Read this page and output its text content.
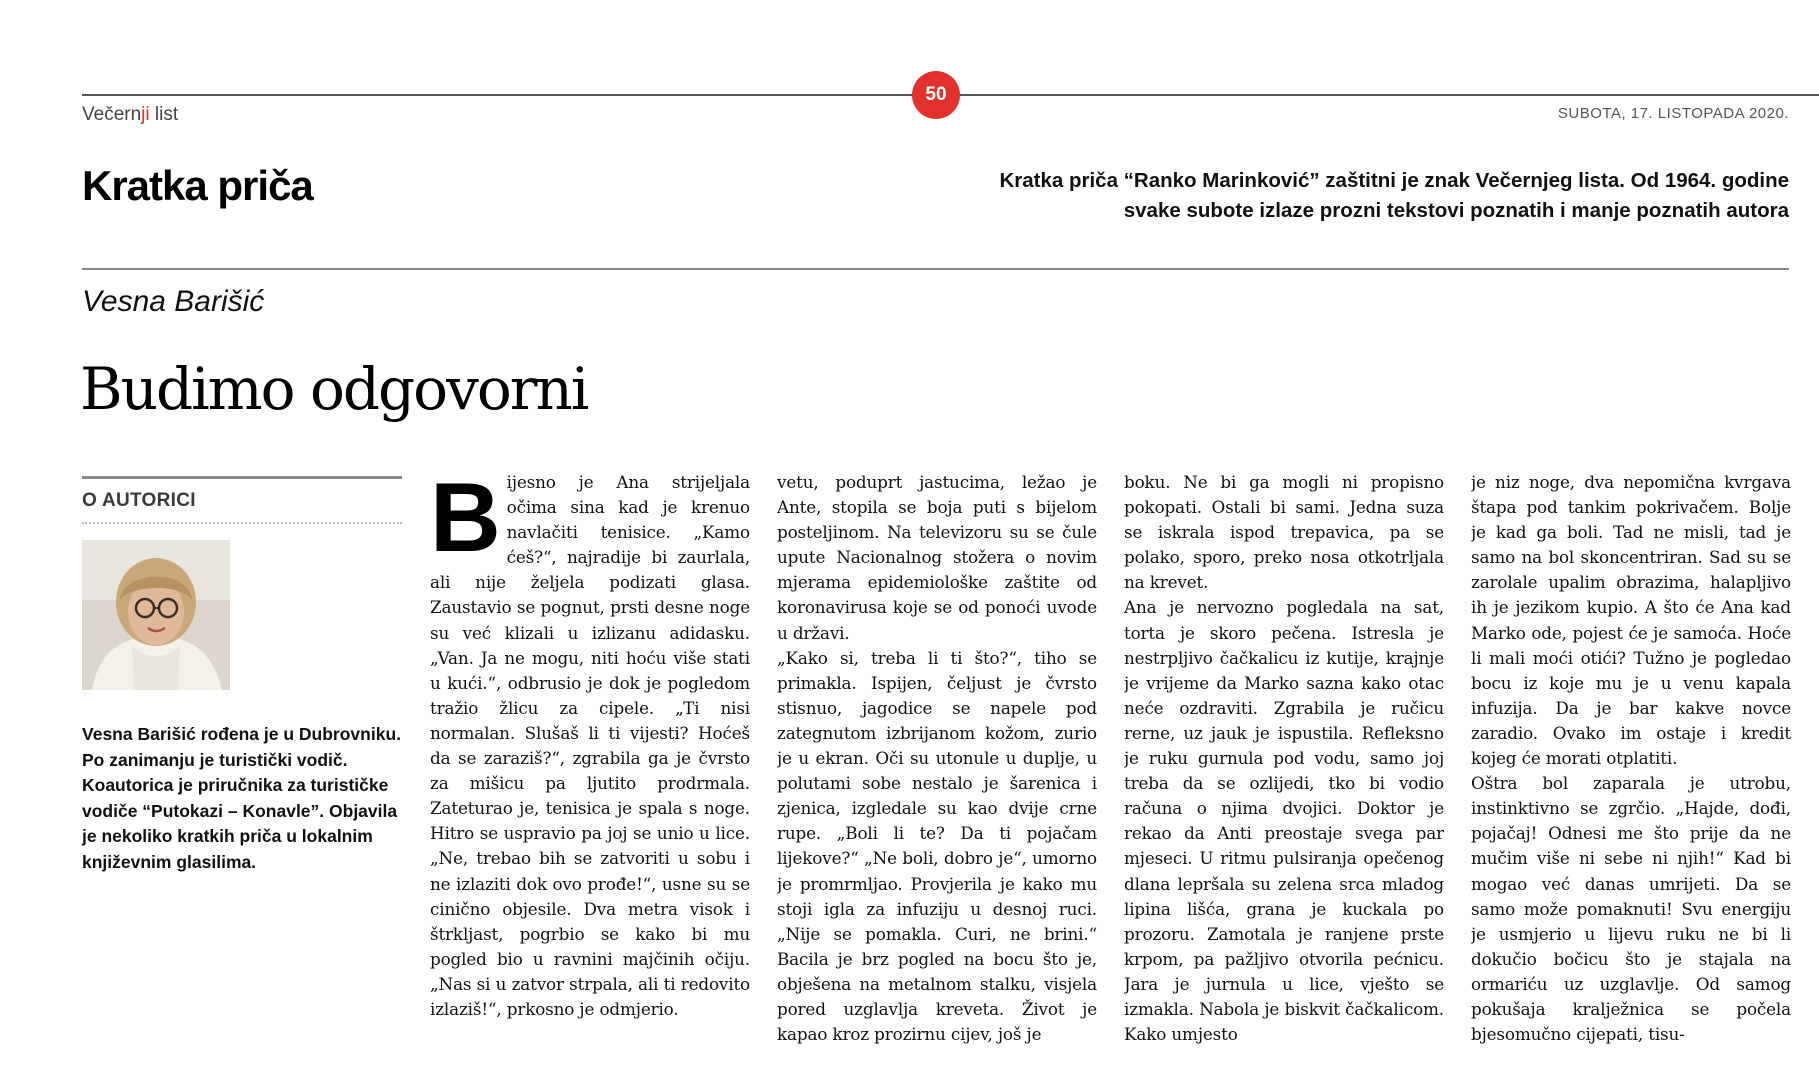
50
Večernji list	SUBOTA, 17. LISTOPADA 2020.
Kratka priča	Kratka priča “Ranko Marinković” zaštitni je znak Večernjeg lista. Od 1964. godine svake subote izlaze prozni tekstovi poznatih i manje poznatih autora
Vesna Barišić
Budimo odgovorni
O AUTORICI
Vesna Barišić rođena je u Dubrovniku. Po zanimanju je turistički vodič. Koautorica je priručnika za turističke vodiče “Putokazi – Konavle”. Objavila je nekoliko kratkih priča u lokalnim književnim glasilima.
B ijesno je Ana strijeljala očima sina kad je krenuo navlačiti tenisice. „Kamo ćeš?“, najradije bi zaurlala, ali nije željela podizati glasa. Zaustavio se pognut, prsti desne noge su već klizali u izlizanu adidasku. „Van. Ja ne mogu, niti hoću više stati u kući.“, odbrusio je dok je pogledom tražio žlicu za cipele. „Ti nisi normalan. Slušaš li ti vijesti? Hoćeš da se zaraziš?“, zgrabila ga je čvrsto za mišicu pa ljutito prodrmala. Zateturao je, tenisica je spala s noge. Hitro se uspravio pa joj se unio u lice. „Ne, trebao bih se zatvoriti u sobu i ne izlaziti dok ovo prođe!“, usne su se cinično objesile. Dva metra visok i štrkljast, pogrbio se kako bi mu pogled bio u ravnini majčinih očiju. „Nas si u zatvor strpala, ali ti redovito izlaziš!“, prkosno je odmjerio.

vetu, poduprt jastucima, ležao je Ante, stopila se boja puti s bijelom posteljinom. Na televizoru su se čule upute Nacionalnog stožera o novim mjerama epidemiološke zaštite od koronavirusa koje se od ponoći uvode u državi.

„Kako si, treba li ti što?“, tiho se primakla. Ispijen, čeljust je čvrsto stisnuo, jagodice se napele pod zategnutom izbrijanom kožom, zurio je u ekran. Oči su utonule u duplje, u polutami sobe nestalo je šarenica i zjenica, izgledale su kao dvije crne rupe. „Boli li te? Da ti pojačam lijekove?“ „Ne boli, dobro je“, umorno je promrmljao. Provjerila je kako mu stoji igla za infuziju u desnoj ruci. „Nije se pomakla. Curi, ne brini.“ Bacila je brz pogled na bocu što je, obješena na metalnom stalku, visjela pored uzglavlja kreveta. Život je kapao kroz prozirnu cijev, još je

boku. Ne bi ga mogli ni propisno pokopati. Ostali bi sami. Jedna suza se iskrala ispod trepavica, pa se polako, sporo, preko nosa otkotrljala na krevet.

Ana je nervozno pogledala na sat, torta je skoro pečena. Istresla je nestrpljivo čačkalicu iz kutije, krajnje je vrijeme da Marko sazna kako otac neće ozdraviti. Zgrabila je ručicu rerne, uz jauk je ispustila. Refleksno je ruku gurnula pod vodu, samo joj treba da se ozlijedi, tko bi vodio računa o njima dvojici. Doktor je rekao da Anti preostaje svega par mjeseci. U ritmu pulsiranja opečenog dlana lepršala su zelena srca mladog lipina lišća, grana je kuckala po prozoru. Zamotala je ranjene prste krpom, pa pažljivo otvorila pećnicu. Jara je jurnula u lice, vješto se izmakla. Nabola je biskvit čačkalicom. Kako umjesto

je niz noge, dva nepomična kvrgava štapa pod tankim pokrivačem. Bolje je kad ga boli. Tad ne misli, tad je samo na bol skoncentriran. Sad su se zarolale upalim obrazima, halapljivo ih je jezikom kupio. A što će Ana kad Marko ode, pojest će je samoća. Hoće li mali moći otići? Tužno je pogledao bocu iz koje mu je u venu kapala infuzija. Da je bar kakve novce zaradio. Ovako im ostaje i kredit kojeg će morati otplatiti.

Oštra bol zaparala je utrobu, instinktivno se zgrčio. „Hajde, dođi, pojačaj! Odnesi me što prije da ne mučim više ni sebe ni njih!“ Kad bi mogao već danas umrijeti. Da se samo može pomaknuti! Svu energiju je usmjerio u lijevu ruku ne bi li dokučio bočicu što je stajala na ormariću uz uzglavlje. Od samog pokušaja kralježnica se počela bjesomučno cijepati, tisu-
